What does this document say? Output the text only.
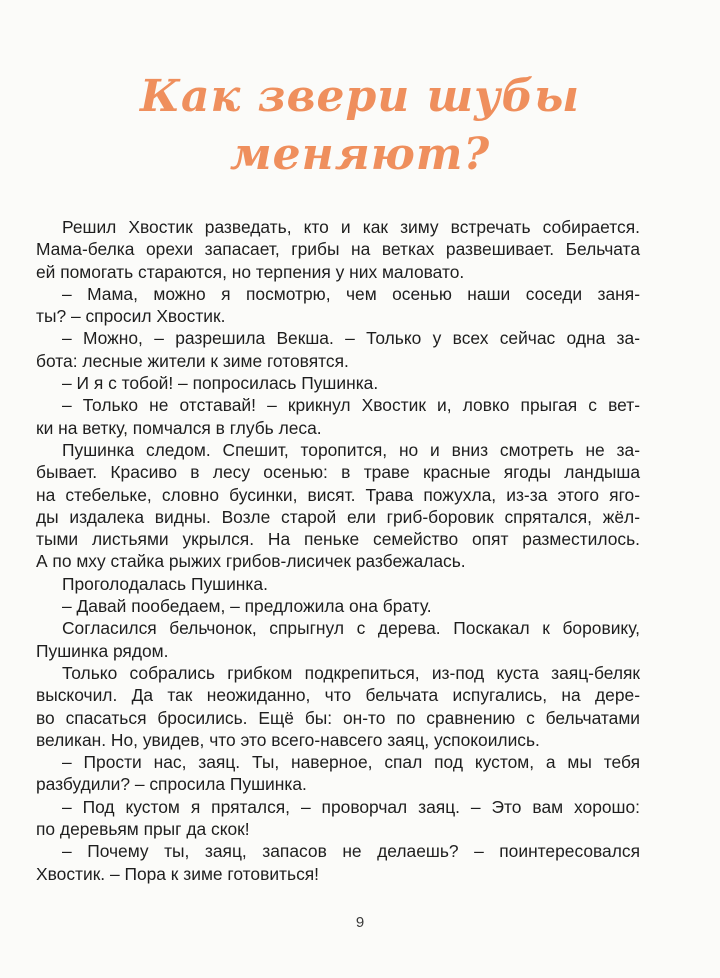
Как звери шубы
меняют?
Решил Хвостик разведать, кто и как зиму встречать собирается.
Мама-белка орехи запасает, грибы на ветках развешивает. Бельчата
ей помогать стараются, но терпения у них маловато.
– Мама, можно я посмотрю, чем осенью наши соседи заня-
ты? – спросил Хвостик.
– Можно, – разрешила Векша. – Только у всех сейчас одна за-
бота: лесные жители к зиме готовятся.
– И я с тобой! – попросилась Пушинка.
– Только не отставай! – крикнул Хвостик и, ловко прыгая с вет-
ки на ветку, помчался в глубь леса.
Пушинка следом. Спешит, торопится, но и вниз смотреть не за-
бывает. Красиво в лесу осенью: в траве красные ягоды ландыша
на стебельке, словно бусинки, висят. Трава пожухла, из-за этого яго-
ды издалека видны. Возле старой ели гриб-боровик спрятался, жёл-
тыми листьями укрылся. На пеньке семейство опят разместилось.
А по мху стайка рыжих грибов-лисичек разбежалась.
Проголодалась Пушинка.
– Давай пообедаем, – предложила она брату.
Согласился бельчонок, спрыгнул с дерева. Поскакал к боровику,
Пушинка рядом.
Только собрались грибком подкрепиться, из-под куста заяц-беляк
выскочил. Да так неожиданно, что бельчата испугались, на дере-
во спасаться бросились. Ещё бы: он-то по сравнению с бельчатами
великан. Но, увидев, что это всего-навсего заяц, успокоились.
– Прости нас, заяц. Ты, наверное, спал под кустом, а мы тебя
разбудили? – спросила Пушинка.
– Под кустом я прятался, – проворчал заяц. – Это вам хорошо:
по деревьям прыг да скок!
– Почему ты, заяц, запасов не делаешь? – поинтересовался
Хвостик. – Пора к зиме готовиться!
9
